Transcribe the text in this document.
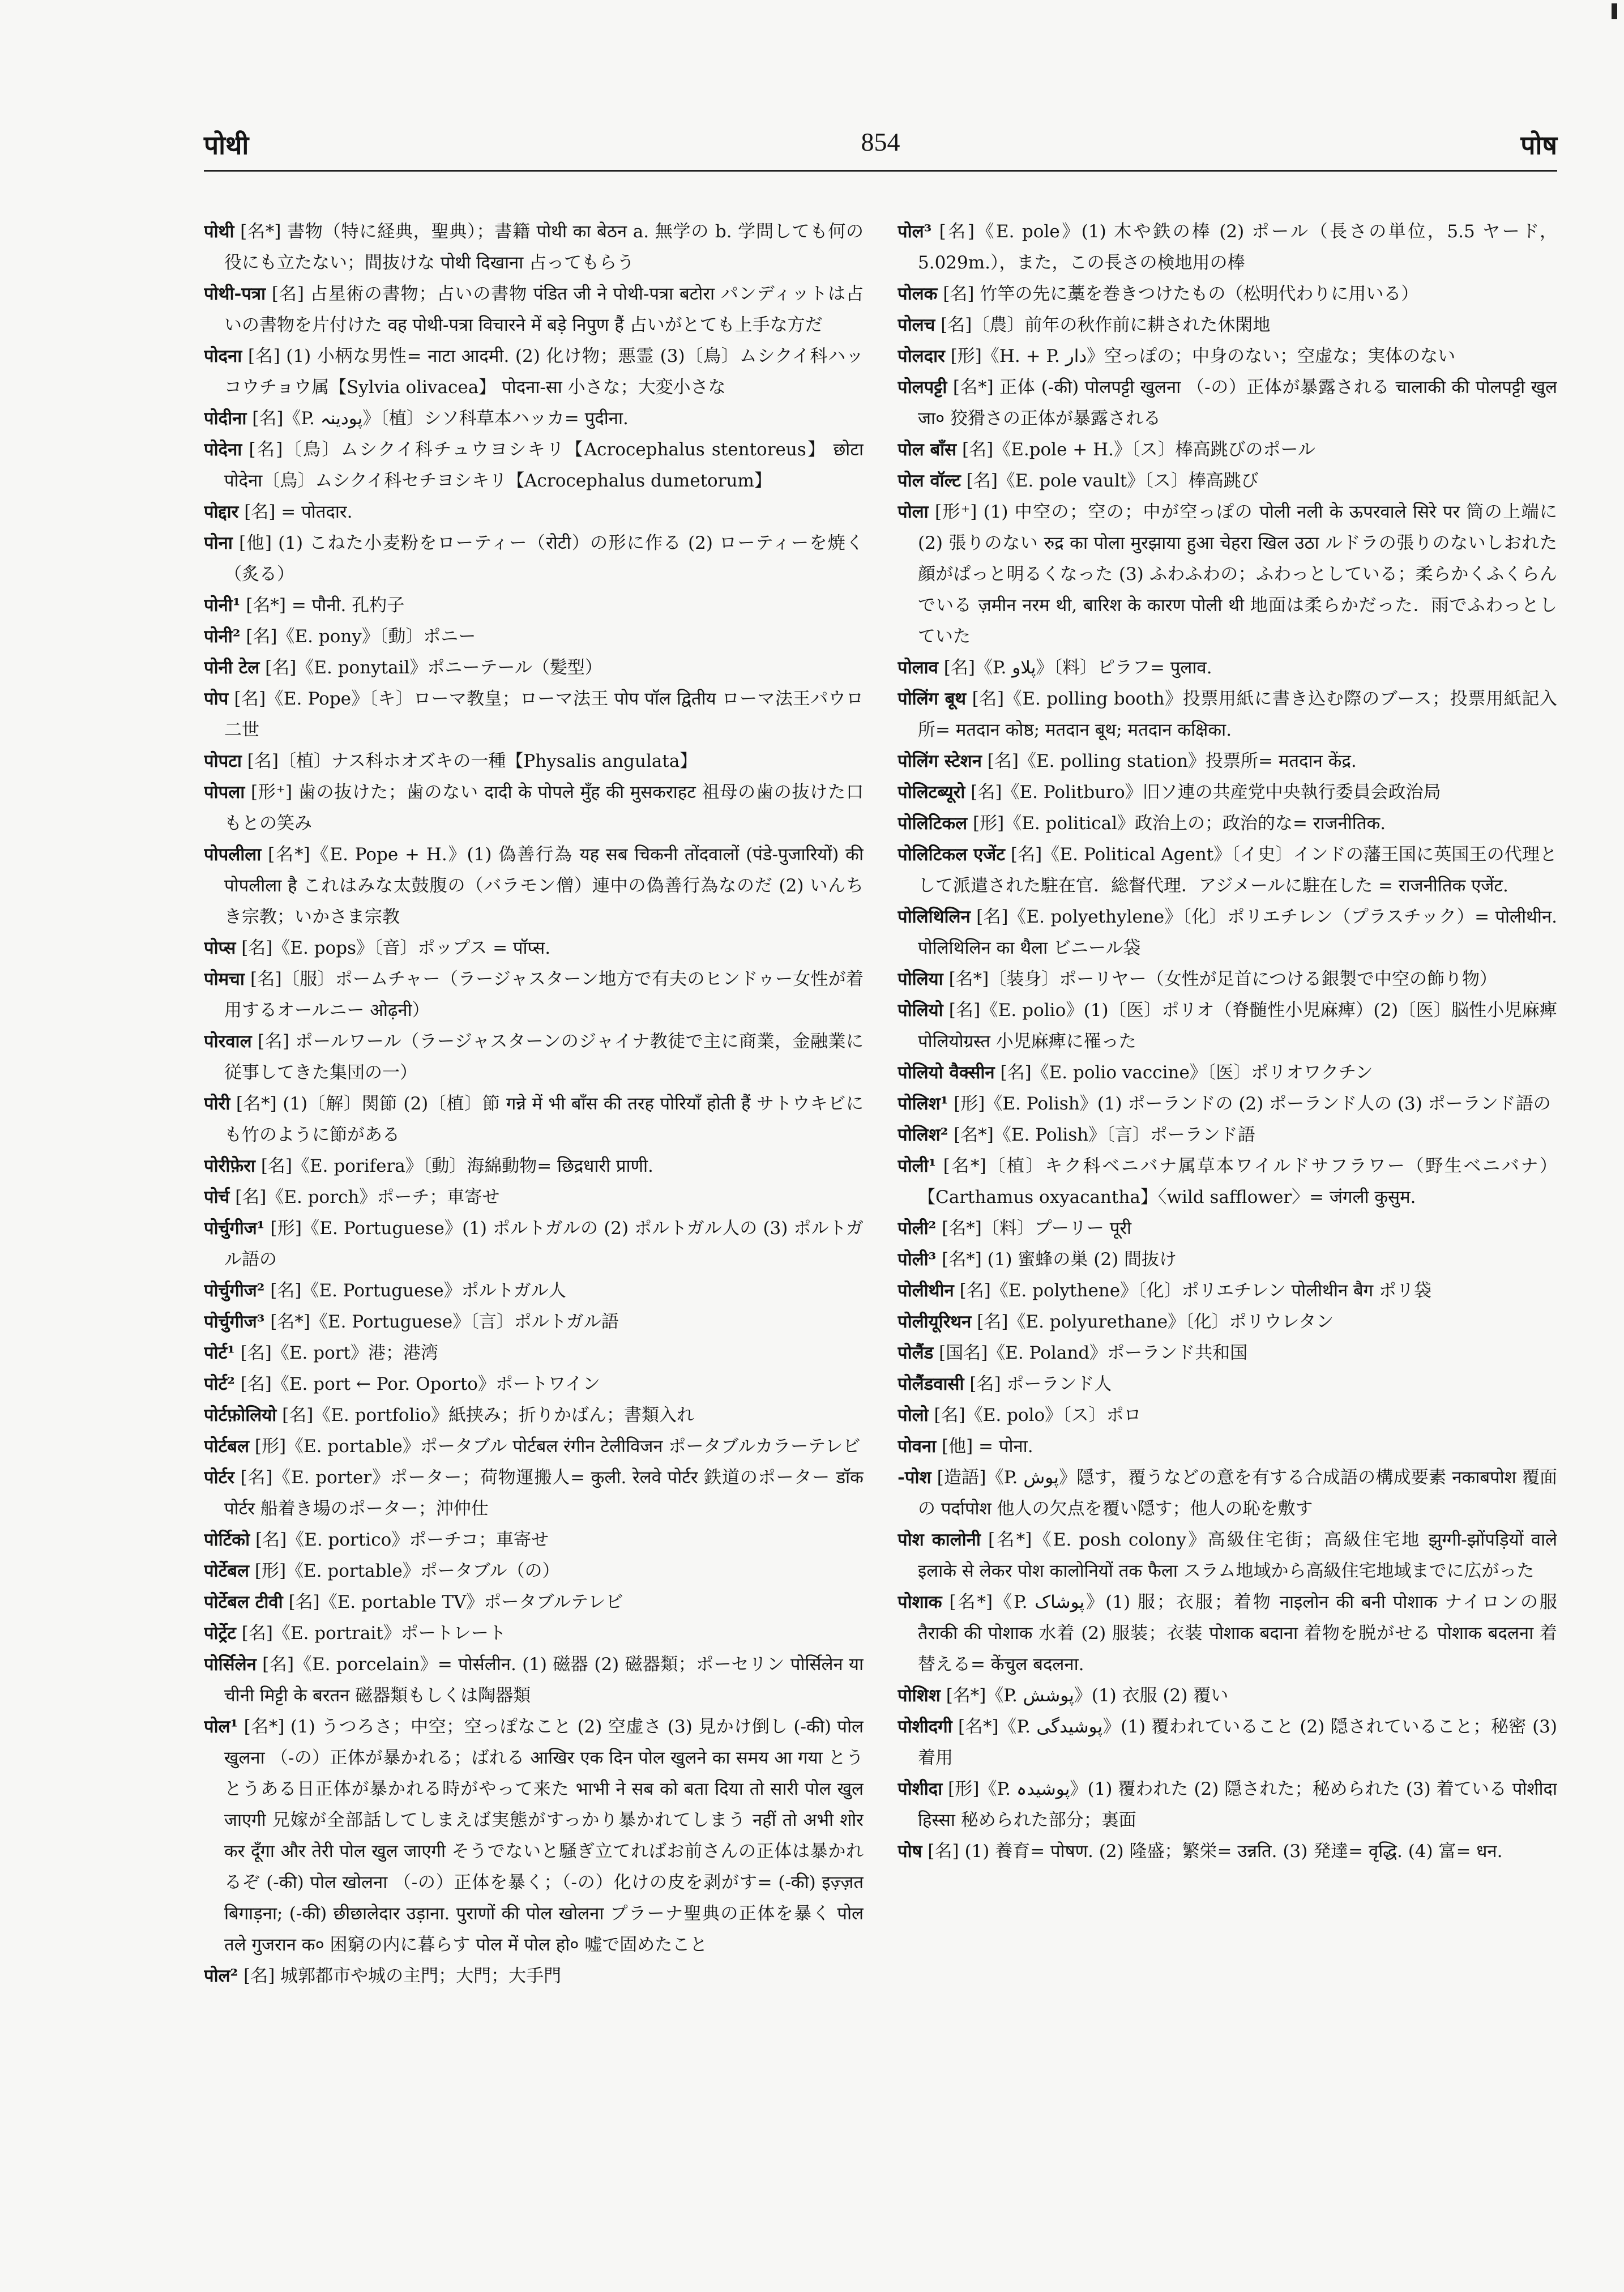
पोथी	854	पोष

पोथी [名*] 書物（特に経典，聖典）；書籍 पोथी का बेठन a. 無学の b. 学問しても何の役にも立たない；間抜けな पोथी दिखाना 占ってもらう

पोथी-पत्रा [名] 占星術の書物；占いの書物 पंडित जी ने पोथी-पत्रा बटोरा パンディットは占いの書物を片付けた वह पोथी-पत्रा विचारने में बड़े निपुण हैं 占いがとても上手な方だ

पोदना [名] (1) 小柄な男性= नाटा आदमी. (2) 化け物；悪霊 (3)〔鳥〕ムシクイ科ハッコウチョウ属【Sylvia olivacea】 पोदना-सा 小さな；大変小さな

पोदीना [名]《P. پودینہ》〔植〕シソ科草本ハッカ= पुदीना.

पोदेना [名]〔鳥〕ムシクイ科チュウヨシキリ【Acrocephalus stentoreus】 छोटा पोदेना〔鳥〕ムシクイ科セチヨシキリ【Acrocephalus dumetorum】

पोद्दार [名] = पोतदार.

पोना [他] (1) こねた小麦粉をローティー（रोटी）の形に作る (2) ローティーを焼く（炙る）

पोनी¹ [名*] = पौनी. 孔杓子

पोनी² [名]《E. pony》〔動〕ポニー

पोनी टेल [名]《E. ponytail》ポニーテール（髪型）

पोप [名]《E. Pope》〔キ〕ローマ教皇；ローマ法王 पोप पॉल द्वितीय ローマ法王パウロ二世

पोपटा [名]〔植〕ナス科ホオズキの一種【Physalis angulata】

पोपला [形⁺] 歯の抜けた；歯のない दादी के पोपले मुँह की मुसकराहट 祖母の歯の抜けた口もとの笑み

पोपलीला [名*]《E. Pope + H.》(1) 偽善行為 यह सब चिकनी तोंदवालों (पंडे-पुजारियों) की पोपलीला है これはみな太鼓腹の（バラモン僧）連中の偽善行為なのだ (2) いんちき宗教；いかさま宗教

पोप्स [名]《E. pops》〔音〕ポップス = पॉप्स.

पोमचा [名]〔服〕ポームチャー（ラージャスターン地方で有夫のヒンドゥー女性が着用するオールニー ओढ़नी）

पोरवाल [名] ポールワール（ラージャスターンのジャイナ教徒で主に商業，金融業に従事してきた集団の一）

पोरी [名*] (1)〔解〕関節 (2)〔植〕節 गन्ने में भी बाँस की तरह पोरियाँ होती हैं サトウキビにも竹のように節がある

पोरीफ़ेरा [名]《E. porifera》〔動〕海綿動物= छिद्रधारी प्राणी.

पोर्च [名]《E. porch》ポーチ；車寄せ

पोर्चुगीज¹ [形]《E. Portuguese》(1) ポルトガルの (2) ポルトガル人の (3) ポルトガル語の

पोर्चुगीज² [名]《E. Portuguese》ポルトガル人

पोर्चुगीज³ [名*]《E. Portuguese》〔言〕ポルトガル語

पोर्ट¹ [名]《E. port》港；港湾

पोर्ट² [名]《E. port ← Por. Oporto》ポートワイン

पोर्टफ़ोलियो [名]《E. portfolio》紙挟み；折りかばん；書類入れ

पोर्टबल [形]《E. portable》ポータブル पोर्टबल रंगीन टेलीविजन ポータブルカラーテレビ

पोर्टर [名]《E. porter》ポーター；荷物運搬人= कुली. रेलवे पोर्टर 鉄道のポーター डॉक पोर्टर 船着き場のポーター；沖仲仕

पोर्टिको [名]《E. portico》ポーチコ；車寄せ

पोर्टेबल [形]《E. portable》ポータブル（の）

पोर्टेबल टीवी [名]《E. portable TV》ポータブルテレビ

पोर्ट्रेट [名]《E. portrait》ポートレート

पोर्सिलेन [名]《E. porcelain》= पोर्सलीन. (1) 磁器 (2) 磁器類；ポーセリン पोर्सिलेन या चीनी मिट्टी के बरतन 磁器類もしくは陶器類

पोल¹ [名*] (1) うつろさ；中空；空っぽなこと (2) 空虚さ (3) 見かけ倒し (-की) पोल खुलना （-の）正体が暴かれる；ばれる आखिर एक दिन पोल खुलने का समय आ गया とうとうある日正体が暴かれる時がやって来た भाभी ने सब को बता दिया तो सारी पोल खुल जाएगी 兄嫁が全部話してしまえば実態がすっかり暴かれてしまう नहीं तो अभी शोर कर दूँगा और तेरी पोल खुल जाएगी そうでないと騒ぎ立てればお前さんの正体は暴かれるぞ (-की) पोल खोलना （-の）正体を暴く；（-の）化けの皮を剥がす= (-की) इज़्ज़त बिगाड़ना; (-की) छीछालेदार उड़ाना. पुराणों की पोल खोलना プラーナ聖典の正体を暴く पोल तले गुजरान क० 困窮の内に暮らす पोल में पोल हो० 嘘で固めたこと

पोल² [名] 城郭都市や城の主門；大門；大手門

पोल³ [名]《E. pole》(1) 木や鉄の棒 (2) ポール（長さの単位，5.5 ヤード，5.029m.），また，この長さの検地用の棒

पोलक [名] 竹竿の先に藁を巻きつけたもの（松明代わりに用いる）

पोलच [名]〔農〕前年の秋作前に耕された休閑地

पोलदार [形]《H. + P. دار》空っぽの；中身のない；空虚な；実体のない

पोलपट्टी [名*] 正体 (-की) पोलपट्टी खुलना （-の）正体が暴露される चालाकी की पोलपट्टी खुल जा० 狡猾さの正体が暴露される

पोल बाँस [名]《E.pole + H.》〔ス〕棒高跳びのポール

पोल वॉल्ट [名]《E. pole vault》〔ス〕棒高跳び

पोला [形⁺] (1) 中空の；空の；中が空っぽの पोली नली के ऊपरवाले सिरे पर 筒の上端に (2) 張りのない रुद्र का पोला मुरझाया हुआ चेहरा खिल उठा ルドラの張りのないしおれた顔がぱっと明るくなった (3) ふわふわの；ふわっとしている；柔らかくふくらんでいる ज़मीन नरम थी, बारिश के कारण पोली थी 地面は柔らかだった．雨でふわっとしていた

पोलाव [名]《P. پلاو》〔料〕ピラフ= पुलाव.

पोलिंग बूथ [名]《E. polling booth》投票用紙に書き込む際のブース；投票用紙記入所= मतदान कोष्ठ; मतदान बूथ; मतदान कक्षिका.

पोलिंग स्टेशन [名]《E. polling station》投票所= मतदान केंद्र.

पोलिटब्यूरो [名]《E. Politburo》旧ソ連の共産党中央執行委員会政治局

पोलिटिकल [形]《E. political》政治上の；政治的な= राजनीतिक.

पोलिटिकल एजेंट [名]《E. Political Agent》〔イ史〕インドの藩王国に英国王の代理として派遣された駐在官．総督代理．アジメールに駐在した = राजनीतिक एजेंट.

पोलिथिलिन [名]《E. polyethylene》〔化〕ポリエチレン（プラスチック）= पोलीथीन. पोलिथिलिन का थैला ビニール袋

पोलिया [名*]〔装身〕ポーリヤー（女性が足首につける銀製で中空の飾り物）

पोलियो [名]《E. polio》(1)〔医〕ポリオ（脊髄性小児麻痺）(2)〔医〕脳性小児麻痺 पोलियोग्रस्त 小児麻痺に罹った

पोलियो वैक्सीन [名]《E. polio vaccine》〔医〕ポリオワクチン

पोलिश¹ [形]《E. Polish》(1) ポーランドの (2) ポーランド人の (3) ポーランド語の

पोलिश² [名*]《E. Polish》〔言〕ポーランド語

पोली¹ [名*]〔植〕キク科ベニバナ属草本ワイルドサフラワー（野生ベニバナ）【Carthamus oxyacantha】〈wild safflower〉= जंगली कुसुम.

पोली² [名*]〔料〕プーリー पूरी

पोली³ [名*] (1) 蜜蜂の巣 (2) 間抜け

पोलीथीन [名]《E. polythene》〔化〕ポリエチレン पोलीथीन बैग ポリ袋

पोलीयूरिथन [名]《E. polyurethane》〔化〕ポリウレタン

पोलैंड [国名]《E. Poland》ポーランド共和国

पोलैंडवासी [名] ポーランド人

पोलो [名]《E. polo》〔ス〕ポロ

पोवना [他] = पोना.

-पोश [造語]《P. پوش》隠す，覆うなどの意を有する合成語の構成要素 नकाबपोश 覆面の पर्दापोश 他人の欠点を覆い隠す；他人の恥を敷す

पोश कालोनी [名*]《E. posh colony》高級住宅街；高級住宅地 झुग्गी-झोंपड़ियों वाले इलाके से लेकर पोश कालोनियों तक फैला スラム地域から高級住宅地域までに広がった

पोशाक [名*]《P. پوشاک》(1) 服；衣服；着物 नाइलोन की बनी पोशाक ナイロンの服 तैराकी की पोशाक 水着 (2) 服装；衣装 पोशाक बदाना 着物を脱がせる पोशाक बदलना 着替える= केंचुल बदलना.

पोशिश [名*]《P. پوشش》(1) 衣服 (2) 覆い

पोशीदगी [名*]《P. پوشیدگی》(1) 覆われていること (2) 隠されていること；秘密 (3) 着用

पोशीदा [形]《P. پوشیدہ》(1) 覆われた (2) 隠された；秘められた (3) 着ている पोशीदा हिस्सा 秘められた部分；裏面

पोष [名] (1) 養育= पोषण. (2) 隆盛；繁栄= उन्नति. (3) 発達= वृद्धि. (4) 富= धन.
